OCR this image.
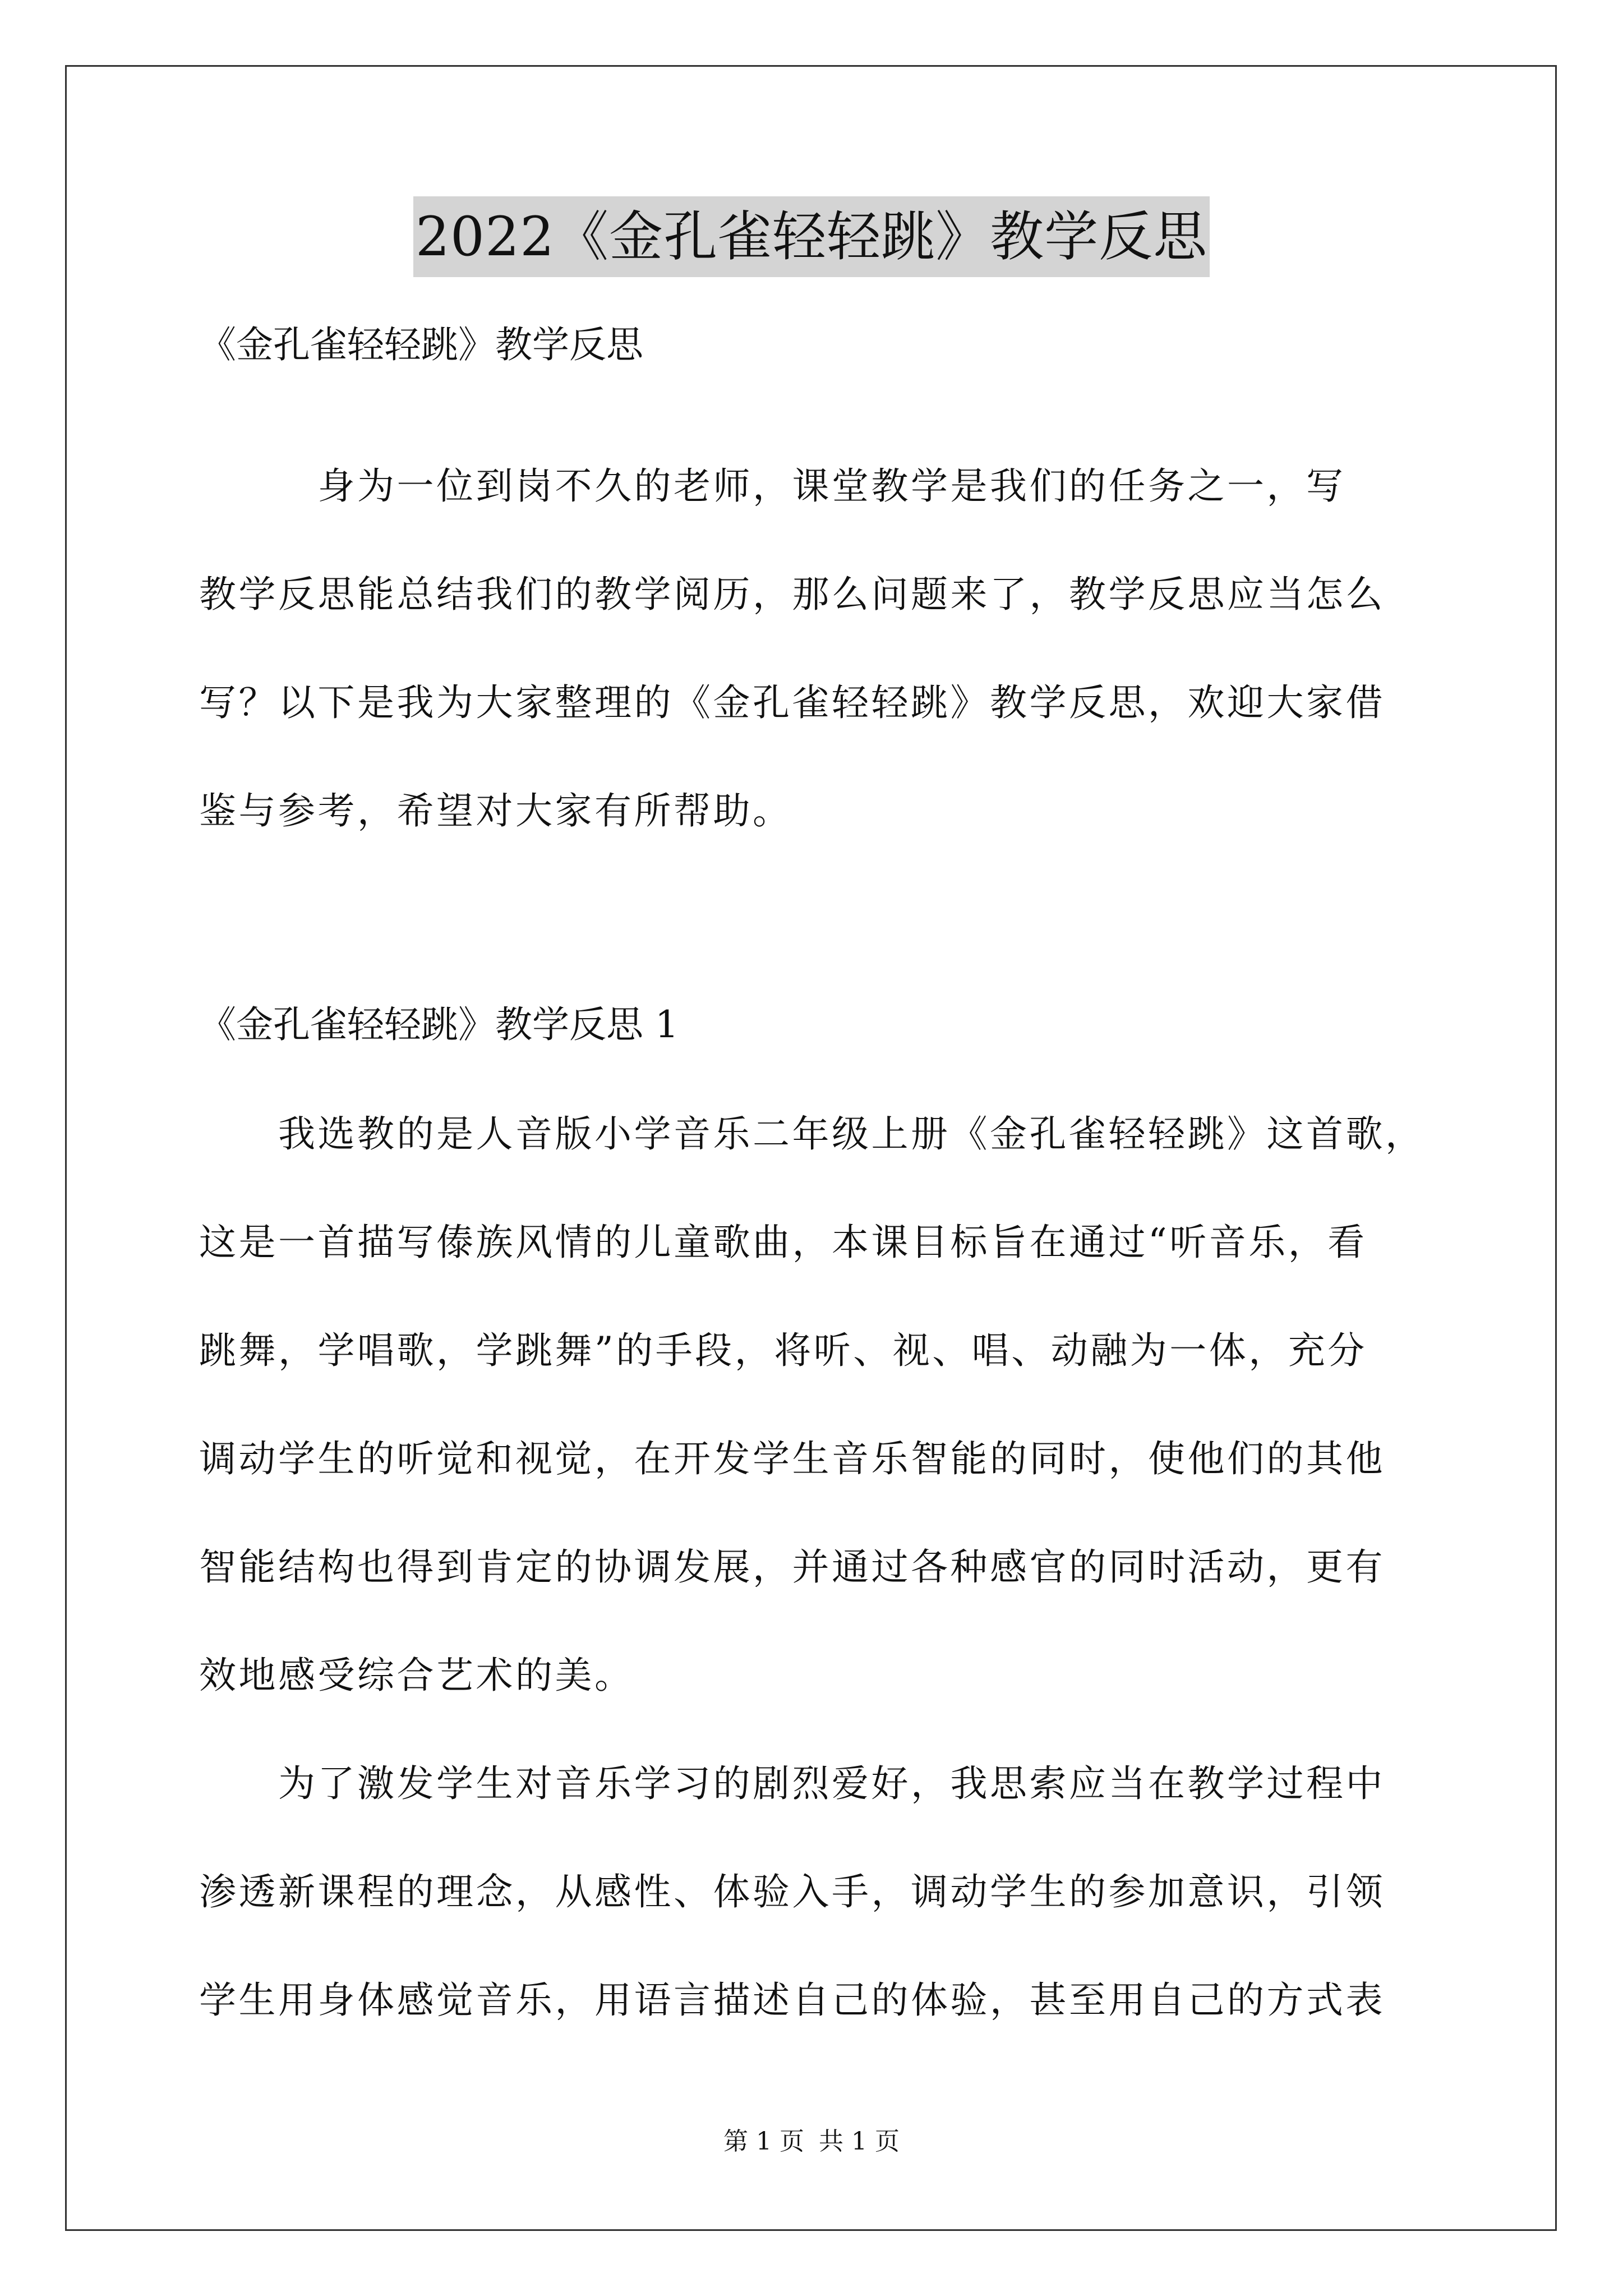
2022《金孔雀轻轻跳》教学反思
《金孔雀轻轻跳》教学反思
　　　身为一位到岗不久的老师，课堂教学是我们的任务之一，写
教学反思能总结我们的教学阅历，那么问题来了，教学反思应当怎么
写？以下是我为大家整理的《金孔雀轻轻跳》教学反思，欢迎大家借
鉴与参考，希望对大家有所帮助。
《金孔雀轻轻跳》教学反思 1
　　我选教的是人音版小学音乐二年级上册《金孔雀轻轻跳》这首歌，
这是一首描写傣族风情的儿童歌曲，本课目标旨在通过“听音乐，看
跳舞，学唱歌，学跳舞”的手段，将听、视、唱、动融为一体，充分
调动学生的听觉和视觉，在开发学生音乐智能的同时，使他们的其他
智能结构也得到肯定的协调发展，并通过各种感官的同时活动，更有
效地感受综合艺术的美。
　　为了激发学生对音乐学习的剧烈爱好，我思索应当在教学过程中
渗透新课程的理念，从感性、体验入手，调动学生的参加意识，引领
学生用身体感觉音乐，用语言描述自己的体验，甚至用自己的方式表
第 1 页 共 1 页
